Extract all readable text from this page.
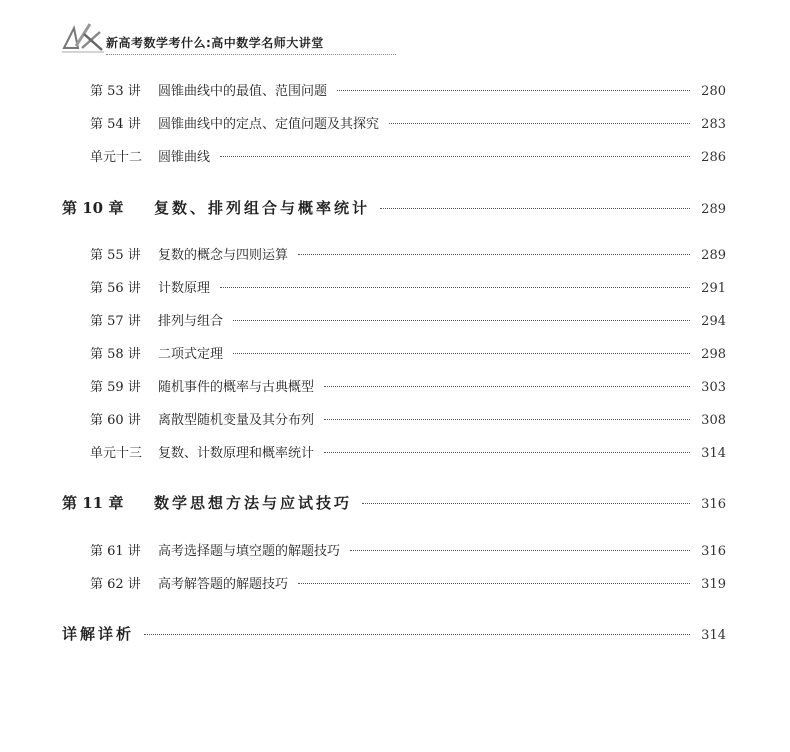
新高考数学考什么:高中数学名师大讲堂
第 53 讲	圆锥曲线中的最值、范围问题	280
第 54 讲	圆锥曲线中的定点、定值问题及其探究	283
单元十二	圆锥曲线	286
第 10 章	复数、排列组合与概率统计	289
第 55 讲	复数的概念与四则运算	289
第 56 讲	计数原理	291
第 57 讲	排列与组合	294
第 58 讲	二项式定理	298
第 59 讲	随机事件的概率与古典概型	303
第 60 讲	离散型随机变量及其分布列	308
单元十三	复数、计数原理和概率统计	314
第 11 章	数学思想方法与应试技巧	316
第 61 讲	高考选择题与填空题的解题技巧	316
第 62 讲	高考解答题的解题技巧	319
详解详析	314
